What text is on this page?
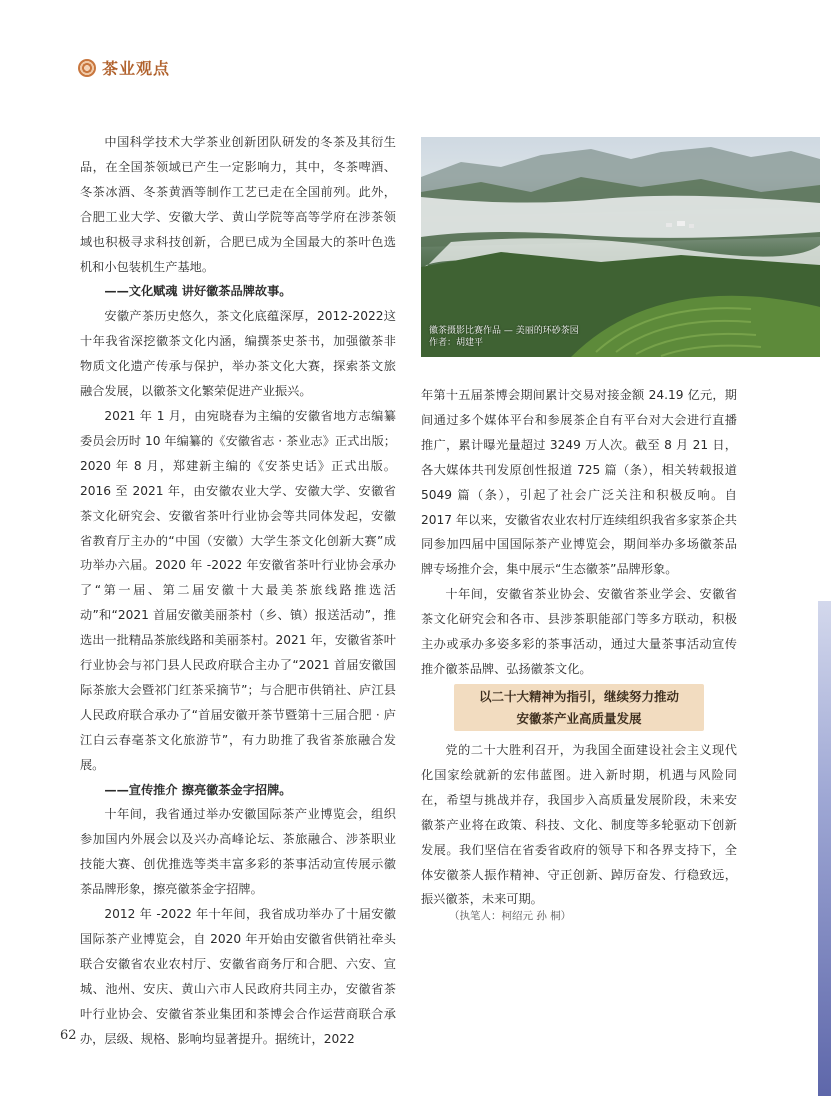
茶业观点

中国科学技术大学茶业创新团队研发的冬茶及其衍生品，在全国茶领域已产生一定影响力，其中，冬茶啤酒、冬茶冰酒、冬茶黄酒等制作工艺已走在全国前列。此外，合肥工业大学、安徽大学、黄山学院等高等学府在涉茶领域也积极寻求科技创新，合肥已成为全国最大的茶叶色选机和小包装机生产基地。

——文化赋魂 讲好徽茶品牌故事。

安徽产茶历史悠久，茶文化底蕴深厚，2012-2022这十年我省深挖徽茶文化内涵，编撰茶史茶书，加强徽茶非物质文化遗产传承与保护，举办茶文化大赛，探索茶文旅融合发展，以徽茶文化繁荣促进产业振兴。

2021 年 1 月，由宛晓春为主编的安徽省地方志编纂委员会历时 10 年编纂的《安徽省志 · 茶业志》正式出版；2020 年 8 月，郑建新主编的《安茶史话》正式出版。2016 至 2021 年，由安徽农业大学、安徽大学、安徽省茶文化研究会、安徽省茶叶行业协会等共同体发起，安徽省教育厅主办的“中国（安徽）大学生茶文化创新大赛”成功举办六届。2020 年 -2022 年安徽省茶叶行业协会承办了“第一届、第二届安徽十大最美茶旅线路推选活动”和“2021 首届安徽美丽茶村（乡、镇）报送活动”，推选出一批精品茶旅线路和美丽茶村。2021 年，安徽省茶叶行业协会与祁门县人民政府联合主办了“2021 首届安徽国际茶旅大会暨祁门红茶采摘节”；与合肥市供销社、庐江县人民政府联合承办了“首届安徽开茶节暨第十三届合肥 · 庐江白云春毫茶文化旅游节”，有力助推了我省茶旅融合发展。

——宣传推介 擦亮徽茶金字招牌。

十年间，我省通过举办安徽国际茶产业博览会，组织参加国内外展会以及兴办高峰论坛、茶旅融合、涉茶职业技能大赛、创优推选等类丰富多彩的茶事活动宣传展示徽茶品牌形象，擦亮徽茶金字招牌。

2012 年 -2022 年十年间，我省成功举办了十届安徽国际茶产业博览会，自 2020 年开始由安徽省供销社牵头联合安徽省农业农村厅、安徽省商务厅和合肥、六安、宣城、池州、安庆、黄山六市人民政府共同主办，安徽省茶叶行业协会、安徽省茶业集团和茶博会合作运营商联合承办，层级、规格、影响均显著提升。据统计，2022

徽茶摄影比赛作品 — 美丽的环砂茶园
作者：胡建平

年第十五届茶博会期间累计交易对接金额 24.19 亿元，期间通过多个媒体平台和参展茶企自有平台对大会进行直播推广，累计曝光量超过 3249 万人次。截至 8 月 21 日，各大媒体共刊发原创性报道 725 篇（条），相关转载报道 5049 篇（条），引起了社会广泛关注和积极反响。自 2017 年以来，安徽省农业农村厅连续组织我省多家茶企共同参加四届中国国际茶产业博览会，期间举办多场徽茶品牌专场推介会，集中展示“生态徽茶”品牌形象。

十年间，安徽省茶业协会、安徽省茶业学会、安徽省茶文化研究会和各市、县涉茶职能部门等多方联动，积极主办或承办多姿多彩的茶事活动，通过大量茶事活动宣传推介徽茶品牌、弘扬徽茶文化。

以二十大精神为指引，继续努力推动
安徽茶产业高质量发展

党的二十大胜利召开，为我国全面建设社会主义现代化国家绘就新的宏伟蓝图。进入新时期，机遇与风险同在，希望与挑战并存，我国步入高质量发展阶段，未来安徽茶产业将在政策、科技、文化、制度等多轮驱动下创新发展。我们坚信在省委省政府的领导下和各界支持下，全体安徽茶人振作精神、守正创新、踔厉奋发、行稳致远，振兴徽茶，未来可期。

（执笔人：柯绍元 孙 桐）
62
